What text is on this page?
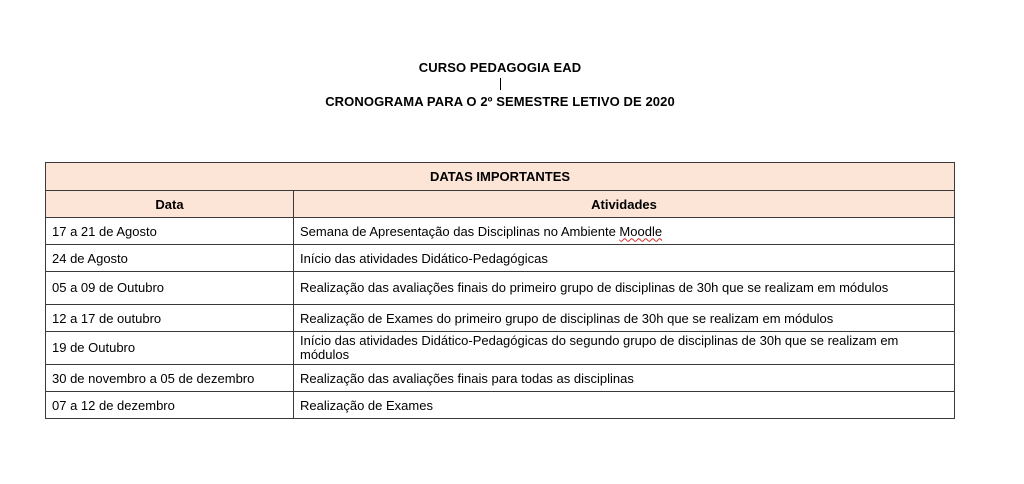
CURSO PEDAGOGIA EAD
CRONOGRAMA PARA O 2º SEMESTRE LETIVO DE 2020
DATAS IMPORTANTES	
Data	Atividades
17 a 21 de Agosto	Semana de Apresentação das Disciplinas no Ambiente Moodle
24 de Agosto	Início das atividades Didático-Pedagógicas
05 a 09 de Outubro	Realização das avaliações finais do primeiro grupo de disciplinas de 30h que se realizam em módulos
12 a 17 de outubro	Realização de Exames do primeiro grupo de disciplinas de 30h que se realizam em módulos
19 de Outubro	Início das atividades Didático-Pedagógicas do segundo grupo de disciplinas de 30h que se realizam em módulos
30 de novembro a 05 de dezembro	Realização das avaliações finais para todas as disciplinas
07 a 12 de dezembro	Realização de Exames
